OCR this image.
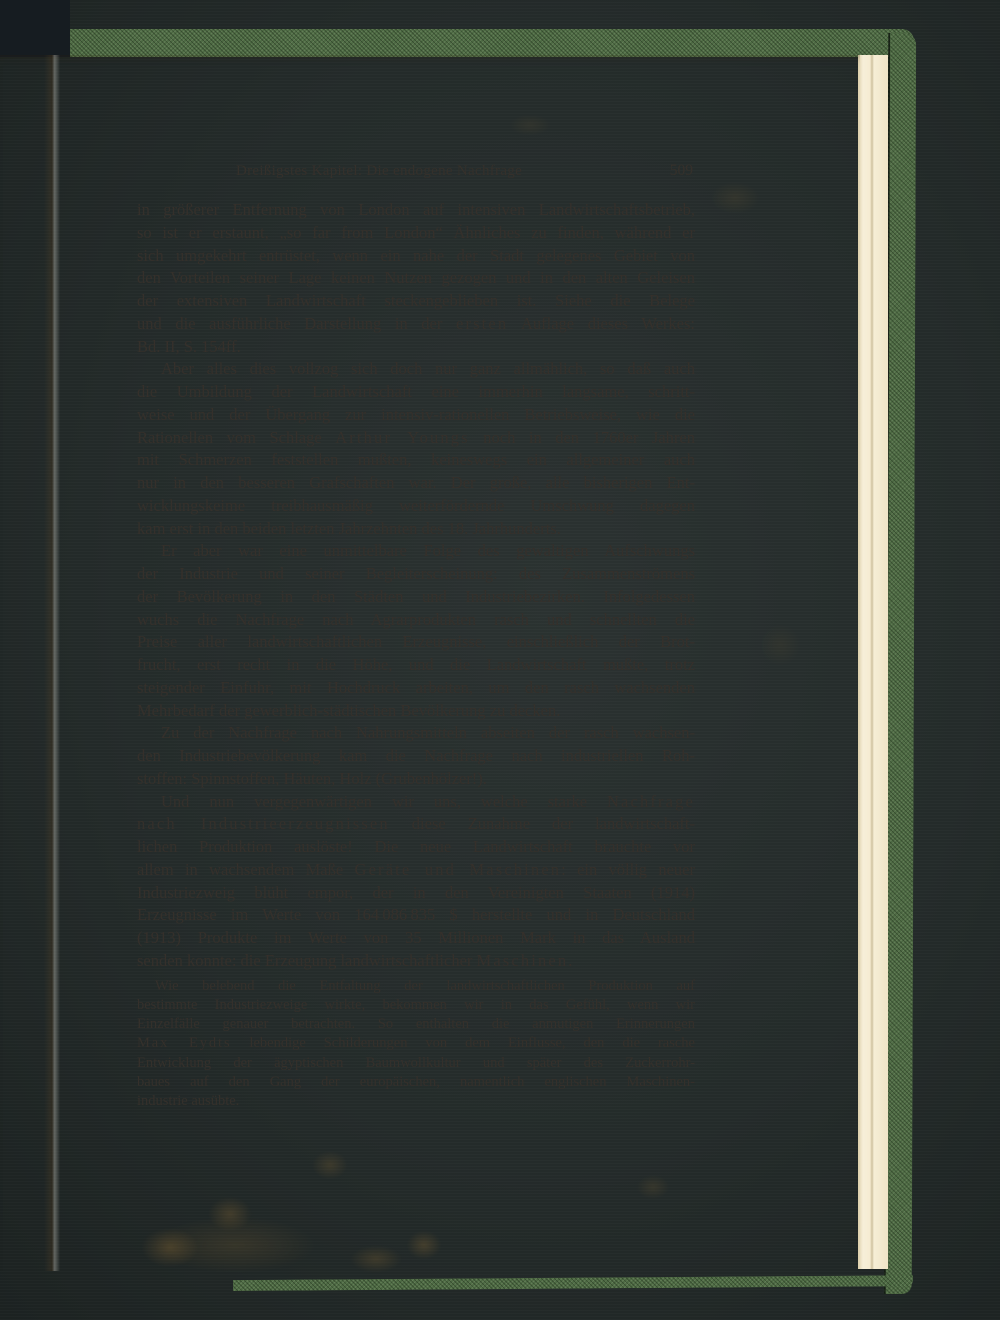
Dreißigstes Kapitel: Die endogene Nachfrage	509
in größerer Entfernung von London auf intensiven Landwirtschaftsbetrieb,
so ist er erstaunt, „so far from London“ Ähnliches zu finden, während er
sich umgekehrt entrüstet, wenn ein nahe der Stadt gelegenes Gebiet von
den Vorteilen seiner Lage keinen Nutzen gezogen und in den alten Geleisen
der extensiven Landwirtschaft steckengeblieben ist. Siehe die Belege
und die ausführliche Darstellung in der ersten Auflage dieses Werkes:
Bd. II, S. 154ff.
Aber alles dies vollzog sich doch nur ganz allmählich, so daß auch
die Umbildung der Landwirtschaft eine immerhin langsame, schritt-
weise und der Übergang zur intensiv-rationellen Betriebsweise, wie die
Rationellen vom Schlage Arthur Youngs noch in den 1760er Jahren
mit Schmerzen feststellen mußten, keineswegs ein allgemeiner auch
nur in den besseren Grafschaften war. Der große, alle bisherigen Ent-
wicklungskeime treibhausmäßig weiterfördernde Umschwung dagegen
kam erst in den beiden letzten Jahrzehnten des 18. Jahrhunderts.
Er aber war eine unmittelbare Folge des gewaltigen Aufschwungs
der Industrie und seiner Begleiterscheinung: des Zusammenströmens
der Bevölkerung in den Städten und Industriebezirken. Infolgedessen
wuchs die Nachfrage nach Agrarprodukten rasch und schnellten die
Preise aller landwirtschaftlichen Erzeugnisse, einschließlich der Brot-
frucht, erst recht in die Höhe, und die Landwirtschaft mußte, trotz
steigender Einfuhr, mit Hochdruck arbeiten, um den rasch wachsenden
Mehrbedarf der gewerblich-städtischen Bevölkerung zu decken.
Zu der Nachfrage nach Nahrungsmitteln abseiten der rasch wachsen-
den Industriebevölkerung kam die Nachfrage nach industriellen Roh-
stoffen: Spinnstoffen, Häuten, Holz (Grubenhölzer!).
Und nun vergegenwärtigen wir uns, welche starke Nachfrage
nach Industrieerzeugnissen diese Zunahme der landwirtschaft-
lichen Produktion auslöste! Die neue Landwirtschaft brauchte vor
allem in wachsendem Maße Geräte und Maschinen: ein völlig neuer
Industriezweig blüht empor, der in den Vereinigten Staaten (1914)
Erzeugnisse im Werte von 164 086 835 $ herstellte und in Deutschland
(1913) Produkte im Werte von 35 Millionen Mark in das Ausland
senden konnte: die Erzeugung landwirtschaftlicher Maschinen.
Wie belebend die Entfaltung der landwirtschaftlichen Produktion auf
bestimmte Industriezweige wirkte, bekommen wir in das Gefühl, wenn wir
Einzelfälle genauer betrachten. So enthalten die anmutigen Erinnerungen
Max Eydts lebendige Schilderungen von dem Einflusse, den die rasche
Entwicklung der ägyptischen Baumwollkultur und später des Zuckerrohr-
baues auf den Gang der europäischen, namentlich englischen Maschinen-
industrie ausübte.
